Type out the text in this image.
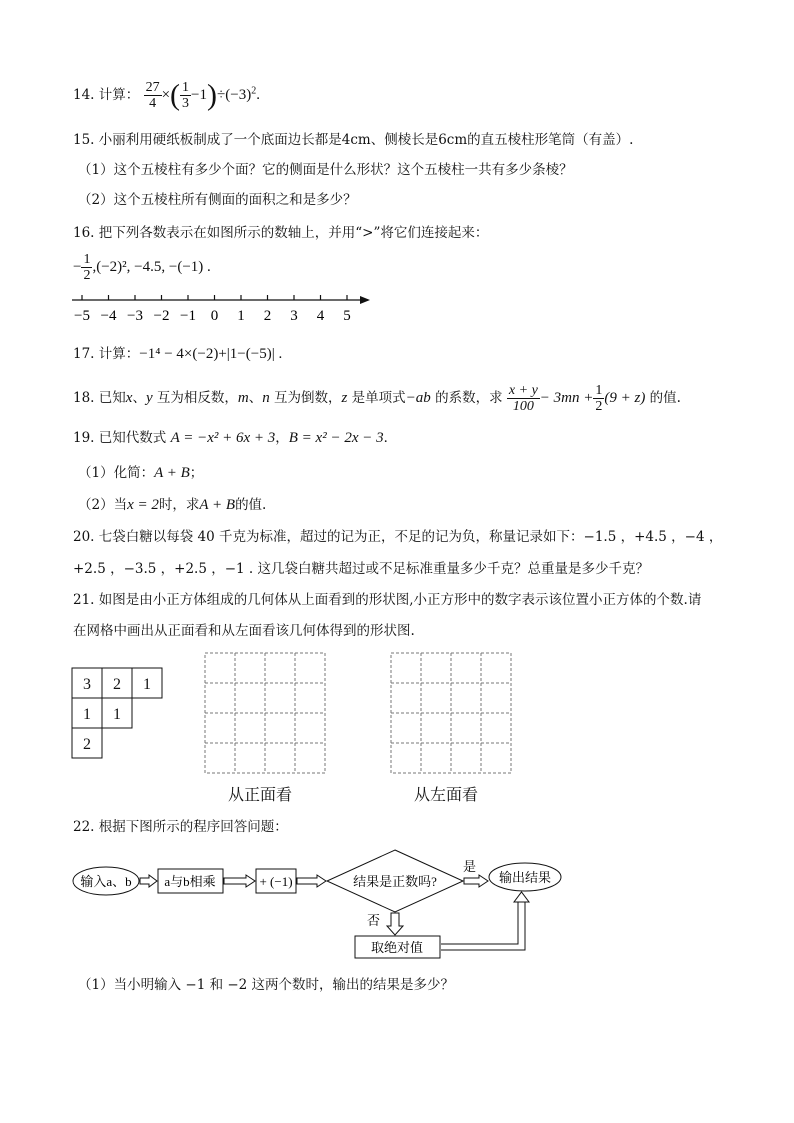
14. 计算： $\frac{27}{4}$ ×( $\frac{1}{3} -1)\div(-3)^2$.
15. 小丽利用硬纸板制成了一个底面边长都是4cm、侧棱长是6cm的直五棱柱形笔筒（有盖）.
（1）这个五棱柱有多少个面？它的侧面是什么形状？这个五棱柱一共有多少条棱？
（2）这个五棱柱所有侧面的面积之和是多少？
16. 把下列各数表示在如图所示的数轴上，并用“>”将它们连接起来：
− $\frac{1}{2} ,(-2)^2$, −4.5, −(−1) .
−5 −4 −3 −2 −1 0 1 2 3 4 5
17. 计算：−1⁴ − 4×(−2)+|1−(−5)| .
18. 已知x、y 互为相反数，m、n 互为倒数，z 是单项式−ab 的系数，求 $\frac{x + y}{100} - 3mn + \frac{1}{2} (9 + z)$ 的值.
19. 已知代数式 A = −x² + 6x + 3，B = x² − 2x − 3．
（1）化简：A + B；
（2）当x = 2时，求A + B的值.
20. 七袋白糖以每袋 40 千克为标准，超过的记为正，不足的记为负，称量记录如下：−1.5 ，+4.5 ，−4 ，
+2.5 ，−3.5 ，+2.5 ，−1 . 这几袋白糖共超过或不足标准重量多少千克？总重量是多少千克？
21. 如图是由小正方体组成的几何体从上面看到的形状图,小正方形中的数字表示该位置小正方体的个数.请
在网格中画出从正面看和从左面看该几何体得到的形状图.
3 2 1
1 1
2
从正面看	从左面看
22. 根据下图所示的程序回答问题：
输入a、b	a与b相乘	+ (−1)	结果是正数吗?
是
输出结果
否
取绝对值
（1）当小明输入 −1 和 −2 这两个数时，输出的结果是多少？
